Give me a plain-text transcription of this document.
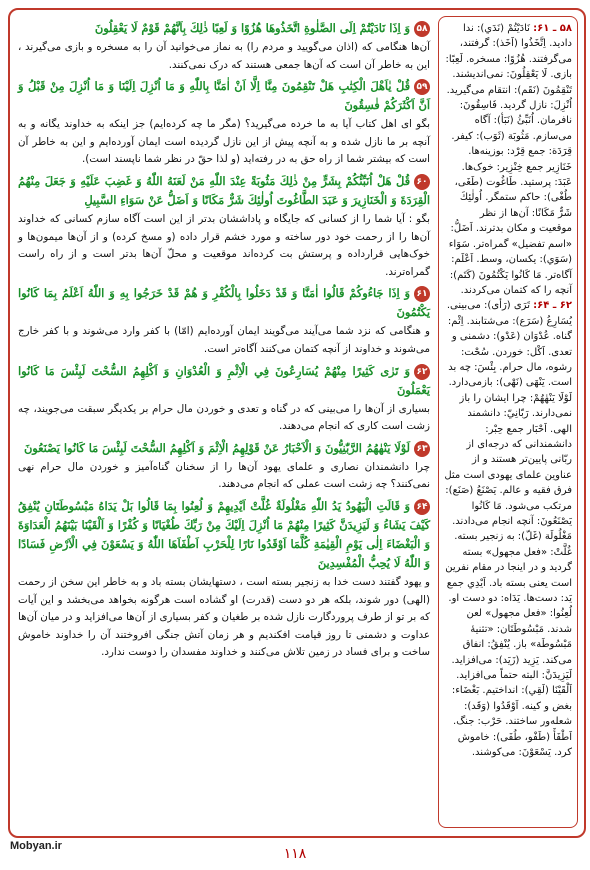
۵۸ ـ ۶۱: نَادَيْتُمْ (نَدَي): ندا دادید. اِتَّخَذُوا (اَخَذ): گرفتند، می‌گرفتند. هُزُوًا: مسخره. لَعِبًا: بازی. لَا يَعْقِلُونَ: نمی‌اندیشند. تَنْقِمُونَ (نَقَم): انتقام می‌گیرید. اُنْزِلَ: نازل گردید. فَاسِقُونَ: نافرمان. اُنَبِّئُ (نَبَأ): آگاه می‌سازم. مَثُوبَة (ثَوَب): کیفر. قِرَدَة: جمع قِرْد: بوزینه‌ها. خَنَازِير جمع خِنْزِير: خوک‌ها. عَبَدَ: پرستید. طَاغُوت (طَغَى، طُغْى): حاکم ستمگر. اُولٰئِكَ شَرٌّ مَكَانًا: آن‌ها از نظر موقعیت و مکان بدترند. اَضَلُّ: «اسم تفضیل» گمراه‌تر. سَوَاء (سَوَي): یکسان، وسط. اَعْلَم: آگاه‌تر. مَا كَانُوا يَكْتُمُونَ (كَتَم): آنچه را که کتمان می‌کردند.
۶۲ ـ ۶۴: تَرَى (رَأى): می‌بینی. يُسَارِعُ (سَرَع): می‌شتابند. اِثْم: گناه. عُدْوَان (عَدْو): دشمنی و تعدی. اَكْل: خوردن. سُحْت: رشوه، مال حرام. بِئْسَ: چه بد است. يَنْهَى (نَهْى): بازمی‌دارد. لَوْلَا يَنْهٰهُمْ: چرا ایشان را باز نمی‌دارند. رَبّانِيّ: دانشمند الهی. اَحْبَار جمع حِبْر: دانشمندانی که درجه‌ای از ربّانی پایین‌تر هستند و از عناوین علمای یهودی است مثل فرق فقیه و عالم. يَصْنَعُ (صَنَع): مرتکب می‌شود. مَا كَانُوا يَصْنَعُونَ: آنچه انجام می‌دادند. مَغْلُولَة (غَلّ): به زنجیر بسته. غُلَّتْ: «فعل مجهول» بسته گردید و در اینجا در مقام نفرین است یعنی بسته باد. اَيْدِي جمع يَد: دست‌ها. يَدَاه: دو دست او. لُعِنُوا: «فعل مجهول» لعن شدند. مَبْسُوطَتَان: «تثنیهٔ مَبْسُوطَة» باز. يُنْفِقُ: انفاق می‌کند. يَزِيد (زَيَد): می‌افزاید. لَيَزِيدَنَّ: البته حتماً می‌افزاید. اَلْقَيْنَا (لَقِي): انداختیم. بَغْضَاء: بغض و کینه. اَوْقَدُوا (وَقَد): شعله‌ور ساختند. حَرْب: جنگ. اَطْفَأَ (طَفْو، طُفَى): خاموش کرد. يَسْعَوْنَ: می‌کوشند.
۵۸وَ اِذَا نَادَيْتُمْ اِلَى الصَّلٰوةِ اتَّخَذُوهَا هُزُوًا وَ لَعِبًا ذٰلِكَ بِاَنَّهُمْ قَوْمٌ لَا يَعْقِلُونَ
آن‌ها هنگامی که (اذان می‌گویید و مردم را) به نماز می‌خوانید آن را به مسخره و بازی می‌گیرند ، این به خاطر آن است که آن‌ها جمعی هستند که درک نمی‌کنند.
۵۹قُلْ يٰاَهْلَ الْكِتٰبِ هَلْ تَنْقِمُونَ مِنَّا اِلَّا اَنْ اٰمَنَّا بِاللّٰهِ وَ مَا اُنْزِلَ اِلَيْنَا وَ مَا اُنْزِلَ مِنْ قَبْلُ وَ اَنَّ اَكْثَرَكُمْ فٰسِقُونَ
بگو ای اهل کتاب آیا به ما خرده می‌گیرید؟ (مگر ما چه کرده‌ایم) جز اینکه به خداوند یگانه و به آنچه بر ما نازل شده و به آنچه پیش از این نازل گردیده است ایمان آورده‌ایم و این به خاطر آن است که بیشتر شما از راه حق به در رفته‌اید (و لذا حقّ در نظر شما ناپسند است).
۶۰قُلْ هَلْ اُنَبِّئُكُمْ بِشَرٍّ مِنْ ذٰلِكَ مَثُوبَةً عِنْدَ اللّٰهِ مَنْ لَعَنَهُ اللّٰهُ وَ غَضِبَ عَلَيْهِ وَ جَعَلَ مِنْهُمُ الْقِرَدَةَ وَ الْخَنَازِيرَ وَ عَبَدَ الطَّاغُوتَ اُولٰئِكَ شَرٌّ مَكَانًا وَ اَضَلُّ عَنْ سَوَاءِ السَّبِيلِ
بگو : آیا شما را از کسانی که جایگاه و پاداششان بدتر از این است آگاه سازم کسانی که خداوند آن‌ها را از رحمت خود دور ساخته و مورد خشم قرار داده (و مسخ کرده) و از آن‌ها میمون‌ها و خوک‌هایی قرارداده و پرستش بت کرده‌اند موقعیت و محلّ آن‌ها بدتر است و از راه راست گمراه‌ترند.
۶۱وَ اِذَا جَاءُوكُمْ قَالُوا اٰمَنَّا وَ قَدْ دَخَلُوا بِالْكُفْرِ وَ هُمْ قَدْ خَرَجُوا بِهِ وَ اللّٰهُ اَعْلَمُ بِمَا كَانُوا يَكْتُمُونَ
و هنگامی که نزد شما می‌آیند می‌گویند ایمان آورده‌ایم (امّا) با کفر وارد می‌شوند و با کفر خارج می‌شوند و خداوند از آنچه کتمان می‌کنند آگاه‌تر است.
۶۲وَ تَرٰى كَثِيرًا مِنْهُمْ يُسَارِعُونَ فِي الْاِثْمِ وَ الْعُدْوَانِ وَ اَكْلِهِمُ السُّحْتَ لَبِئْسَ مَا كَانُوا يَعْمَلُونَ
بسیاری از آن‌ها را می‌بینی که در گناه و تعدی و خوردن مال حرام بر یکدیگر سبقت می‌جویند، چه زشت است کاری که انجام می‌دهند.
۶۳لَوْلَا يَنْهٰهُمُ الرَّبّٰنِيُّونَ وَ الْاَحْبَارُ عَنْ قَوْلِهِمُ الْاِثْمَ وَ اَكْلِهِمُ السُّحْتَ لَبِئْسَ مَا كَانُوا يَصْنَعُونَ
چرا دانشمندان نصاری و علمای یهود آن‌ها را از سخنان گناه‌آمیز و خوردن مال حرام نهی نمی‌کنند؟ چه زشت است عملی که انجام می‌دهند.
۶۴وَ قَالَتِ الْيَهُودُ يَدُ اللّٰهِ مَغْلُولَةٌ غُلَّتْ اَيْدِيهِمْ وَ لُعِنُوا بِمَا قَالُوا بَلْ يَدَاهُ مَبْسُوطَتَانِ يُنْفِقُ كَيْفَ يَشَاءُ وَ لَيَزِيدَنَّ كَثِيرًا مِنْهُمْ مَا اُنْزِلَ اِلَيْكَ مِنْ رَبِّكَ طُغْيَانًا وَ كُفْرًا وَ اَلْقَيْنَا بَيْنَهُمُ الْعَدَاوَةَ وَ الْبَغْضَاءَ اِلٰى يَوْمِ الْقِيٰمَةِ كُلَّمَا اَوْقَدُوا نَارًا لِلْحَرْبِ اَطْفَاَهَا اللّٰهُ وَ يَسْعَوْنَ فِي الْاَرْضِ فَسَادًا وَ اللّٰهُ لَا يُحِبُّ الْمُفْسِدِينَ
و یهود گفتند دست خدا به زنجیر بسته است ، دستهایشان بسته باد و به خاطر این سخن از رحمت (الهی) دور شوند، بلکه هر دو دست (قدرت) او گشاده است هرگونه بخواهد می‌بخشد و این آیات که بر تو از طرف پروردگارت نازل شده بر طغیان و کفر بسیاری از آن‌ها می‌افزاید و در میان آن‌ها عداوت و دشمنی تا روز قیامت افکندیم و هر زمان آتش جنگی افروختند آن را خداوند خاموش ساخت و برای فساد در زمین تلاش می‌کنند و خداوند مفسدان را دوست ندارد.
Mobyan.ir	۱۱۸
